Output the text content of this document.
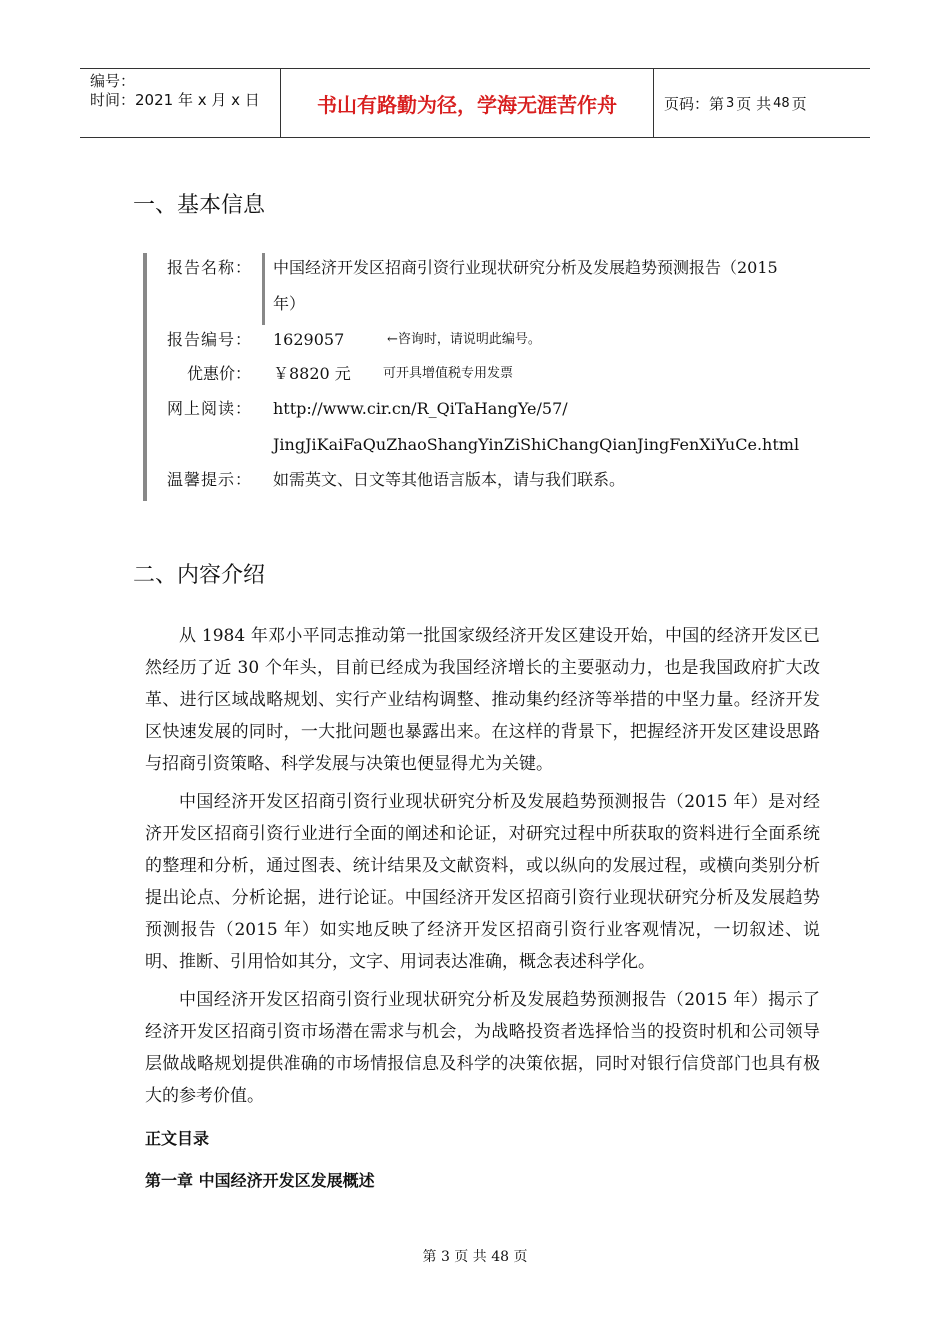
编号：
时间：2021 年 x 月 x 日	书山有路勤为径，学海无涯苦作舟	页码：第 3 页 共 48 页
一、基本信息
报告名称： 中国经济开发区招商引资行业现状研究分析及发展趋势预测报告（2015
年）
报告编号： 1629057	←咨询时，请说明此编号。
优惠价： ￥8820 元 可开具增值税专用发票
网上阅读： http://www.cir.cn/R_QiTaHangYe/57/
JingJiKaiFaQuZhaoShangYinZiShiChangQianJingFenXiYuCe.html
温馨提示： 如需英文、日文等其他语言版本，请与我们联系。
二、内容介绍

从 1984 年邓小平同志推动第一批国家级经济开发区建设开始，中国的经济开发区已然经历了近 30 个年头，目前已经成为我国经济增长的主要驱动力，也是我国政府扩大改革、进行区域战略规划、实行产业结构调整、推动集约经济等举措的中坚力量。经济开发区快速发展的同时，一大批问题也暴露出来。在这样的背景下，把握经济开发区建设思路与招商引资策略、科学发展与决策也便显得尤为关键。

中国经济开发区招商引资行业现状研究分析及发展趋势预测报告（2015 年）是对经济开发区招商引资行业进行全面的阐述和论证，对研究过程中所获取的资料进行全面系统的整理和分析，通过图表、统计结果及文献资料，或以纵向的发展过程，或横向类别分析提出论点、分析论据，进行论证。中国经济开发区招商引资行业现状研究分析及发展趋势预测报告（2015 年）如实地反映了经济开发区招商引资行业客观情况，一切叙述、说明、推断、引用恰如其分，文字、用词表达准确，概念表述科学化。

中国经济开发区招商引资行业现状研究分析及发展趋势预测报告（2015 年）揭示了经济开发区招商引资市场潜在需求与机会，为战略投资者选择恰当的投资时机和公司领导层做战略规划提供准确的市场情报信息及科学的决策依据，同时对银行信贷部门也具有极大的参考价值。

正文目录
第一章 中国经济开发区发展概述
第 3 页 共 48 页
